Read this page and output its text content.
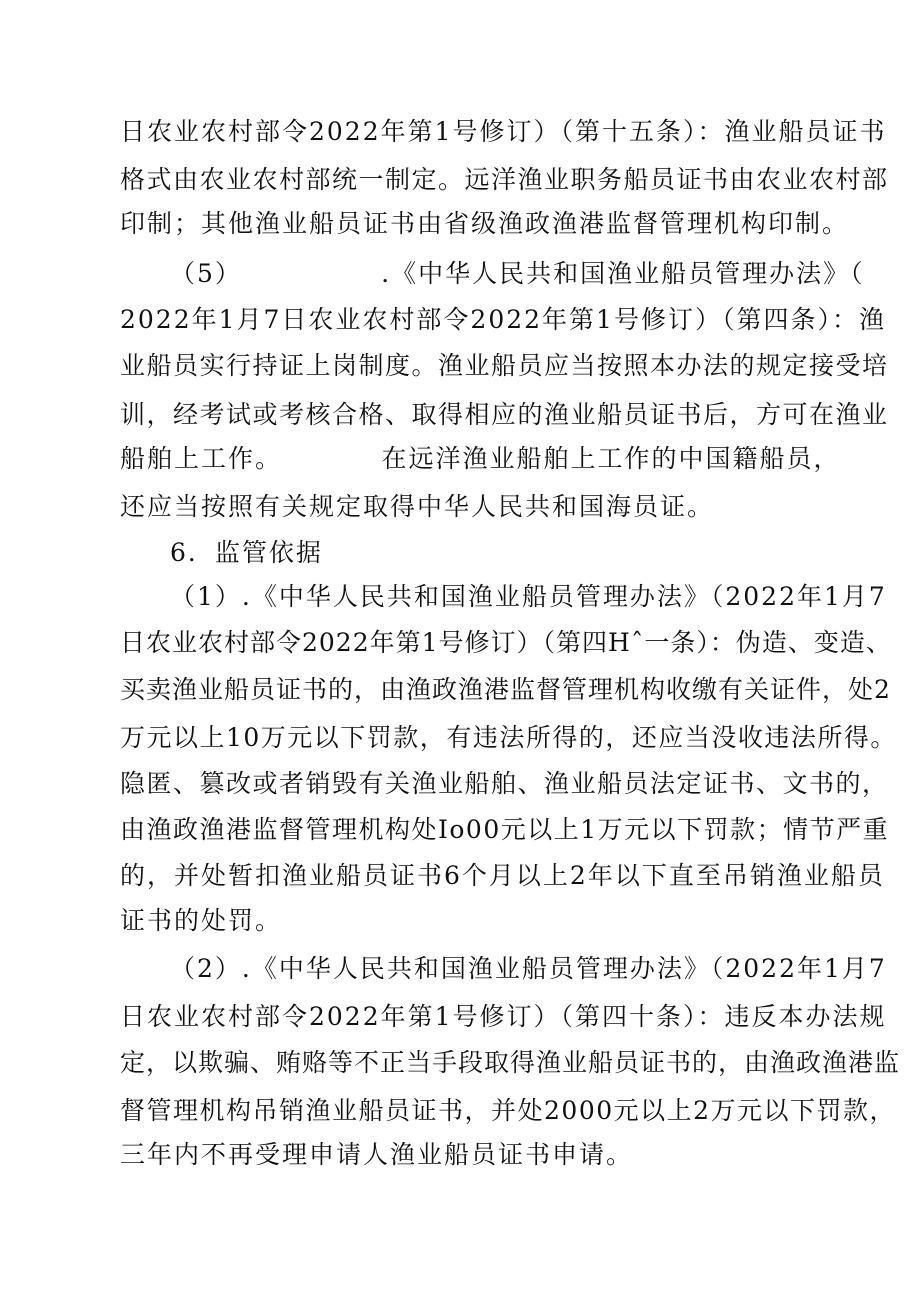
日农业农村部令2022年第1号修订）（第十五条）：渔业船员证书
格式由农业农村部统一制定。远洋渔业职务船员证书由农业农村部
印制；其他渔业船员证书由省级渔政渔港监督管理机构印制。
（5）              .《中华人民共和国渔业船员管理办法》（
2022年1月7日农业农村部令2022年第1号修订）（第四条）：渔
业船员实行持证上岗制度。渔业船员应当按照本办法的规定接受培
训，经考试或考核合格、取得相应的渔业船员证书后，方可在渔业
船舶上工作。          在远洋渔业船舶上工作的中国籍船员，
还应当按照有关规定取得中华人民共和国海员证。
6．监管依据
（1）.《中华人民共和国渔业船员管理办法》（2022年1月7
日农业农村部令2022年第1号修订）（第四Hˆ一条）：伪造、变造、
买卖渔业船员证书的，由渔政渔港监督管理机构收缴有关证件，处2
万元以上10万元以下罚款，有违法所得的，还应当没收违法所得。
隐匿、篡改或者销毁有关渔业船舶、渔业船员法定证书、文书的，
由渔政渔港监督管理机构处Io00元以上1万元以下罚款；情节严重
的，并处暂扣渔业船员证书6个月以上2年以下直至吊销渔业船员
证书的处罚。
（2）.《中华人民共和国渔业船员管理办法》（2022年1月7
日农业农村部令2022年第1号修订）（第四十条）：违反本办法规
定，以欺骗、贿赂等不正当手段取得渔业船员证书的，由渔政渔港监
督管理机构吊销渔业船员证书，并处2000元以上2万元以下罚款，
三年内不再受理申请人渔业船员证书申请。
